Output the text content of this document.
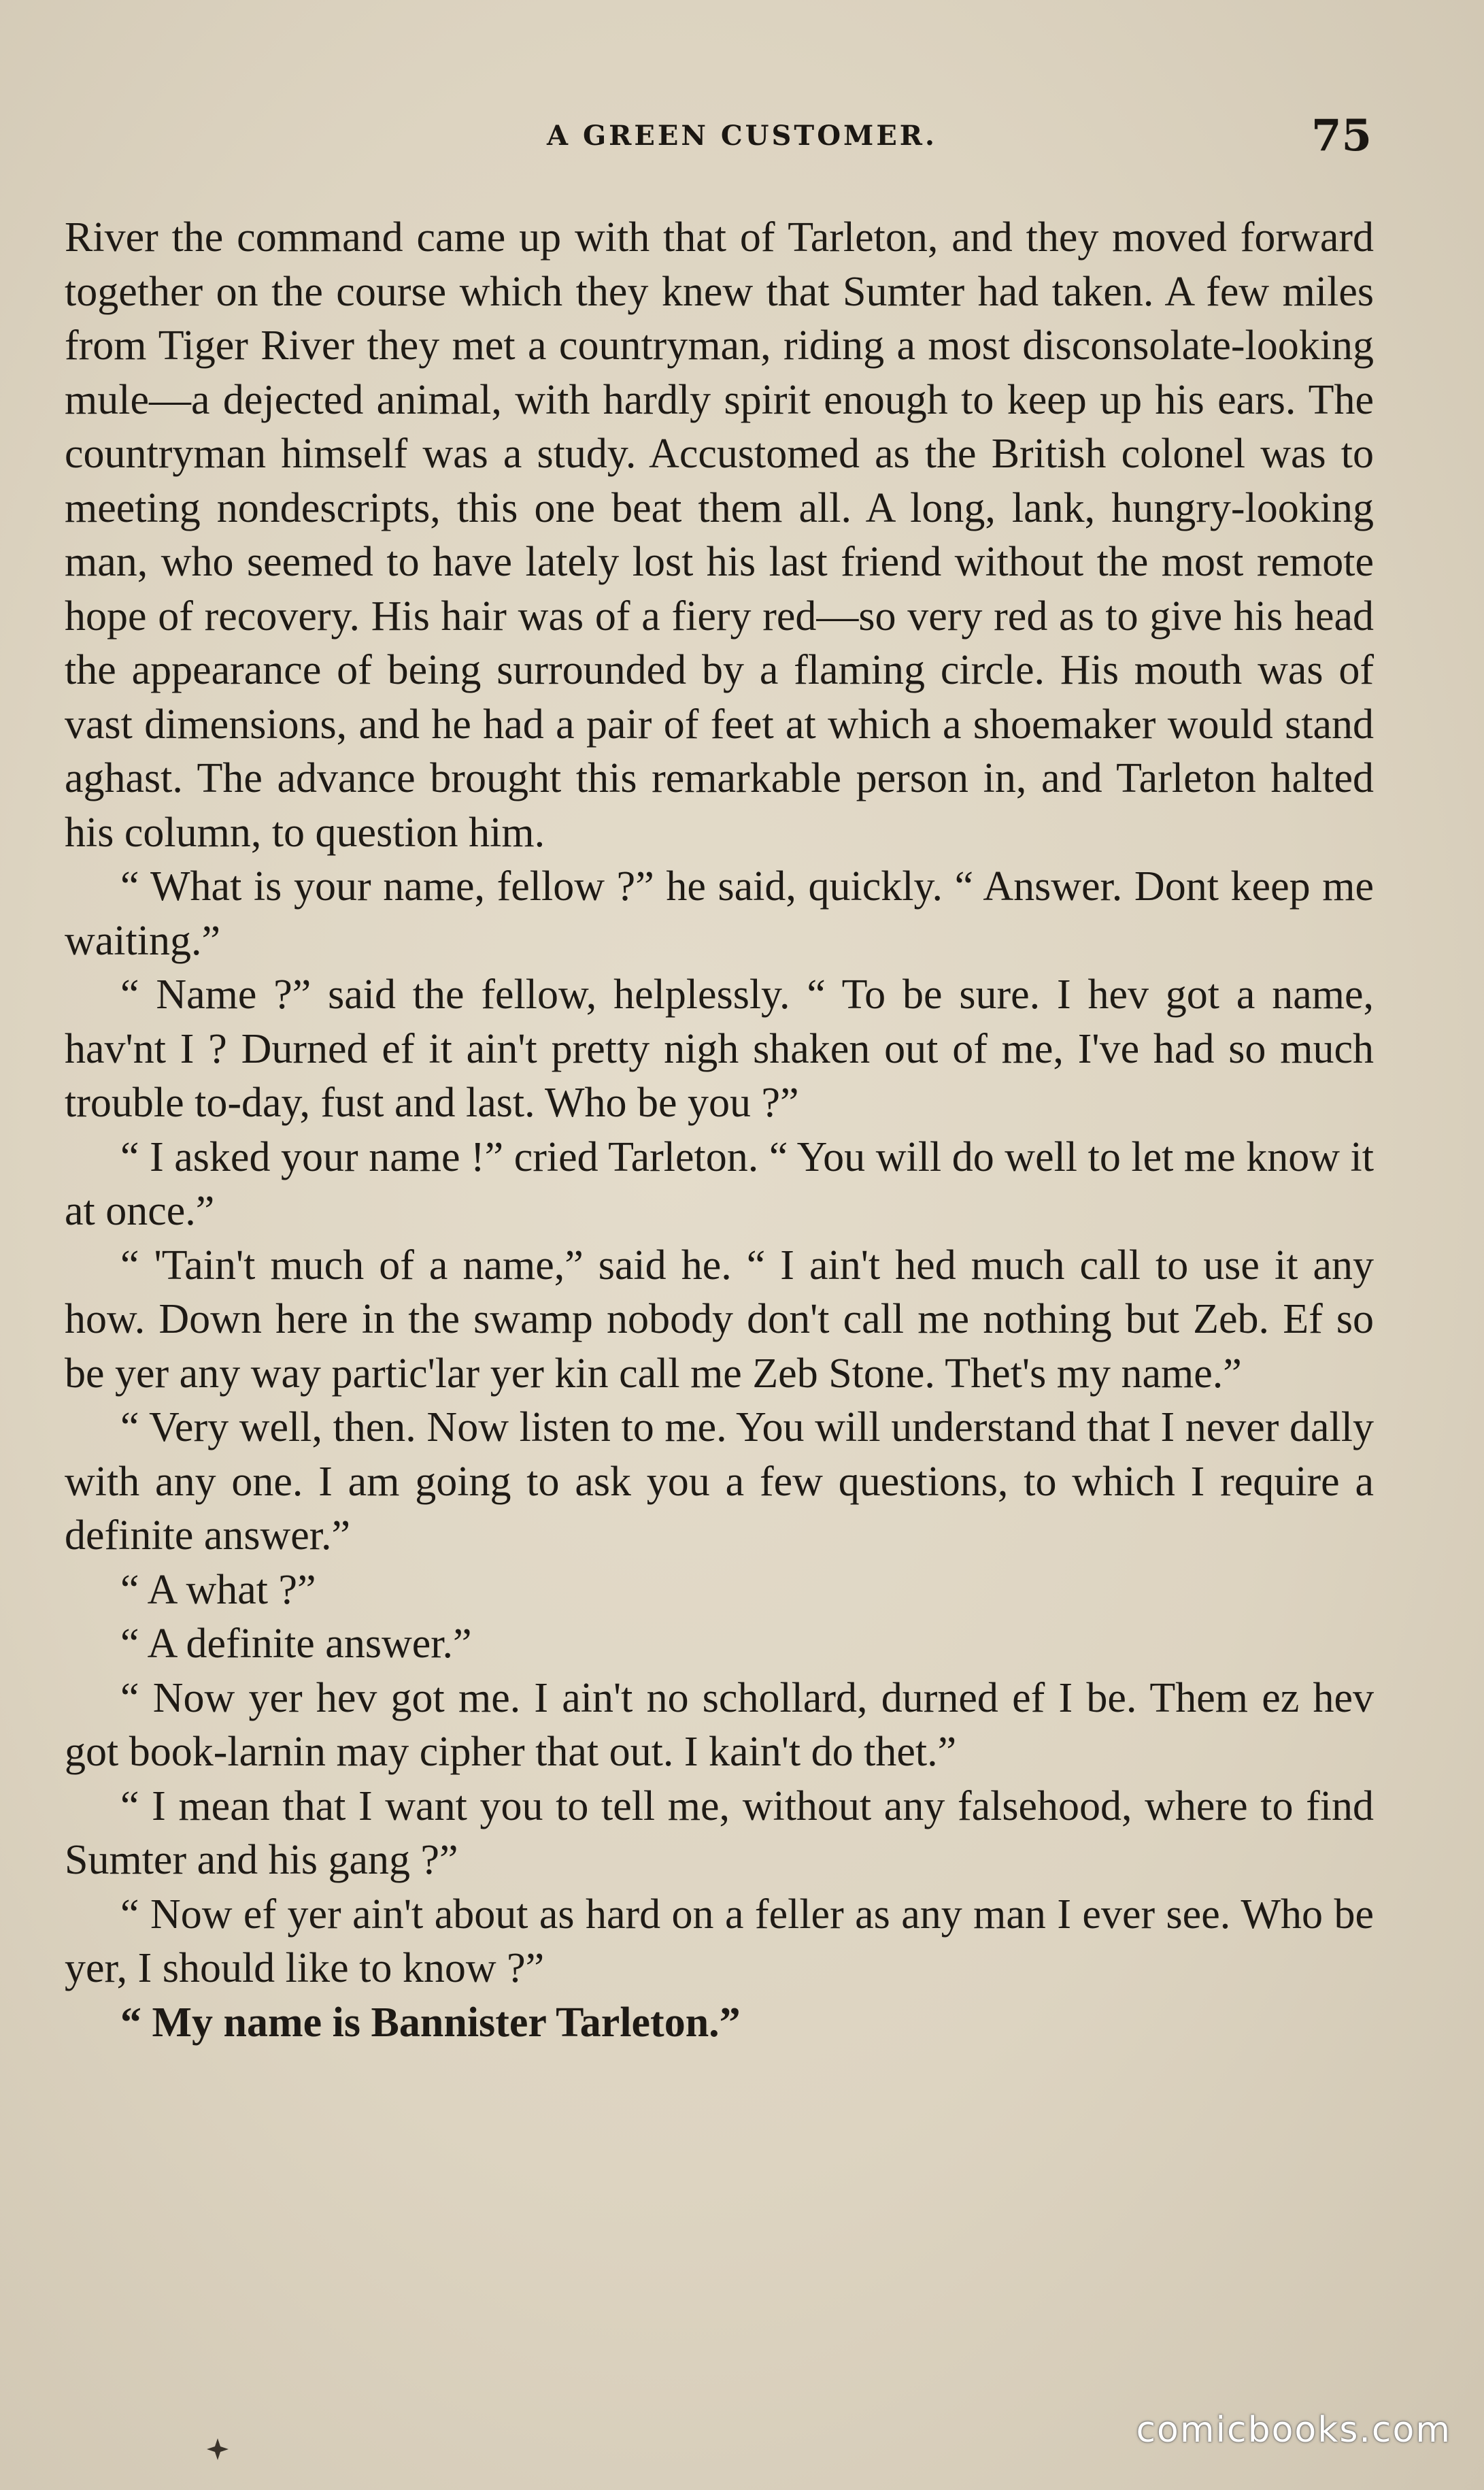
A GREEN CUSTOMER.	75

River the command came up with that of Tarleton, and they moved forward together on the course which they knew that Sumter had taken. A few miles from Tiger River they met a countryman, riding a most disconsolate-looking mule—a dejected animal, with hardly spirit enough to keep up his ears. The countryman himself was a study. Accustomed as the British colonel was to meeting nondescripts, this one beat them all. A long, lank, hungry-looking man, who seemed to have lately lost his last friend without the most remote hope of recovery. His hair was of a fiery red—so very red as to give his head the appearance of being surrounded by a flaming circle. His mouth was of vast dimensions, and he had a pair of feet at which a shoemaker would stand aghast. The advance brought this remarkable person in, and Tarleton halted his column, to question him.

“ What is your name, fellow ?” he said, quickly. “ Answer. Dont keep me waiting.”

“ Name ?” said the fellow, helplessly. “ To be sure. I hev got a name, hav'nt I ? Durned ef it ain't pretty nigh shaken out of me, I've had so much trouble to-day, fust and last. Who be you ?”

“ I asked your name !” cried Tarleton. “ You will do well to let me know it at once.”

“ 'Tain't much of a name,” said he. “ I ain't hed much call to use it any how. Down here in the swamp nobody don't call me nothing but Zeb. Ef so be yer any way partic'lar yer kin call me Zeb Stone. Thet's my name.”

“ Very well, then. Now listen to me. You will understand that I never dally with any one. I am going to ask you a few questions, to which I require a definite answer.”

“ A what ?”

“ A definite answer.”

“ Now yer hev got me. I ain't no schollard, durned ef I be. Them ez hev got book-larnin may cipher that out. I kain't do thet.”

“ I mean that I want you to tell me, without any falsehood, where to find Sumter and his gang ?”

“ Now ef yer ain't about as hard on a feller as any man I ever see. Who be yer, I should like to know ?”

“ My name is Bannister Tarleton.”

comicbooks.com
